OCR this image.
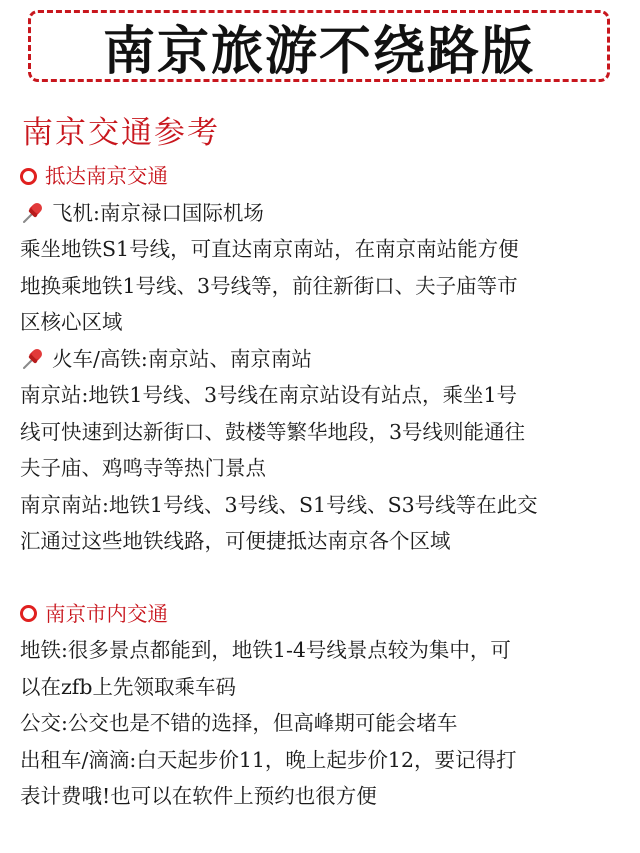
南京旅游不绕路版
南京交通参考
抵达南京交通
飞机:南京禄口国际机场
乘坐地铁S1号线，可直达南京南站，在南京南站能方便
地换乘地铁1号线、3号线等，前往新街口、夫子庙等市
区核心区域
火车/高铁:南京站、南京南站
南京站:地铁1号线、3号线在南京站设有站点，乘坐1号
线可快速到达新街口、鼓楼等繁华地段，3号线则能通往
夫子庙、鸡鸣寺等热门景点
南京南站:地铁1号线、3号线、S1号线、S3号线等在此交
汇通过这些地铁线路，可便捷抵达南京各个区域
南京市内交通
地铁:很多景点都能到，地铁1-4号线景点较为集中，可
以在zfb上先领取乘车码
公交:公交也是不错的选择，但高峰期可能会堵车
出租车/滴滴:白天起步价11，晚上起步价12，要记得打
表计费哦!也可以在软件上预约也很方便
